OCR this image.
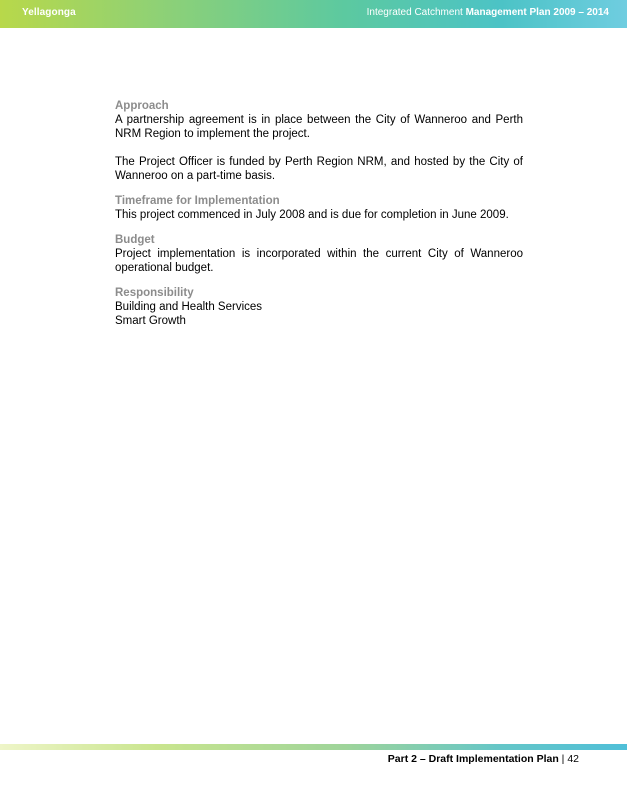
Yellagonga	Integrated Catchment Management Plan 2009 – 2014

Approach

A partnership agreement is in place between the City of Wanneroo and Perth NRM Region to implement the project.

The Project Officer is funded by Perth Region NRM, and hosted by the City of Wanneroo on a part-time basis.

Timeframe for Implementation

This project commenced in July 2008 and is due for completion in June 2009.

Budget

Project implementation is incorporated within the current City of Wanneroo operational budget.

Responsibility

Building and Health Services

Smart Growth

Part 2 – Draft Implementation Plan | 42
